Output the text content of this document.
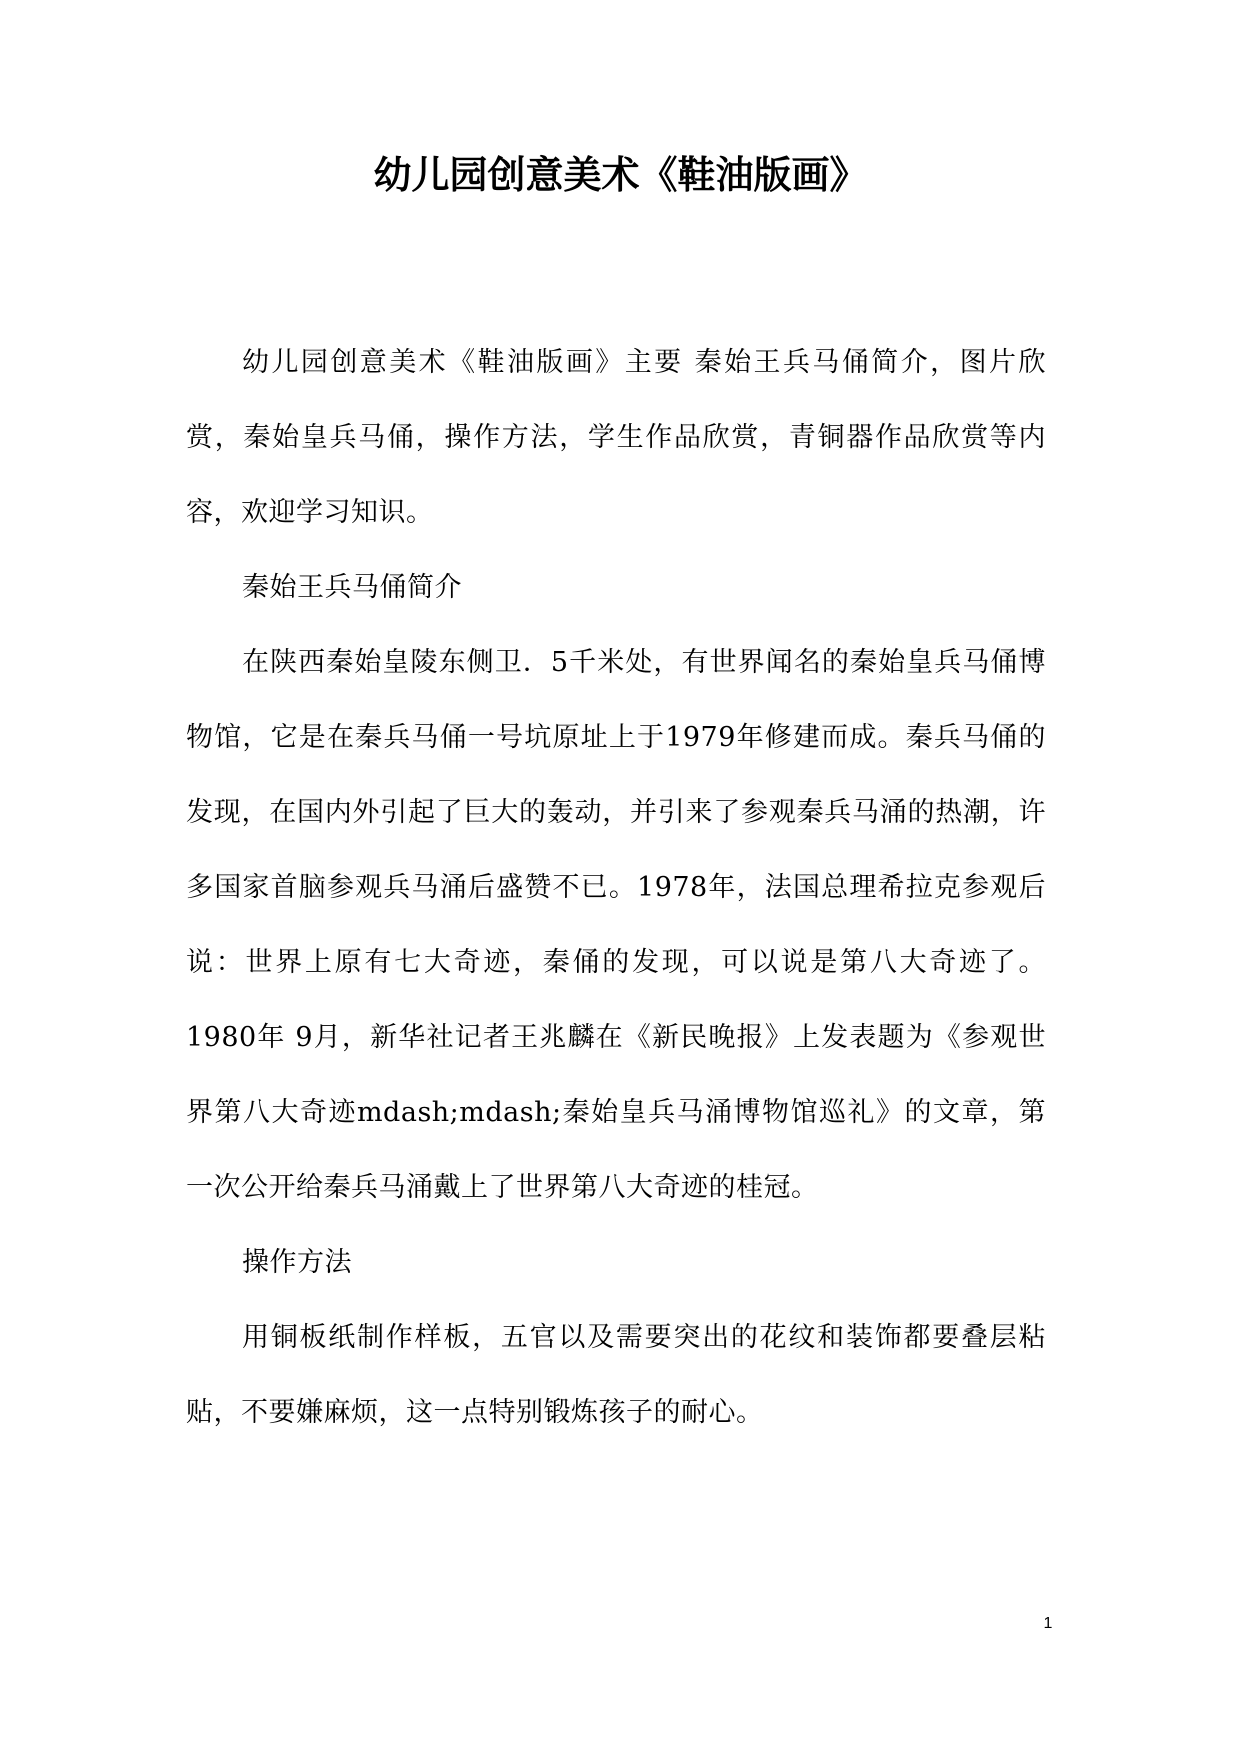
幼儿园创意美术《鞋油版画》

幼儿园创意美术《鞋油版画》主要 秦始王兵马俑简介，图片欣赏，秦始皇兵马俑，操作方法，学生作品欣赏，青铜器作品欣赏等内容，欢迎学习知识。

秦始王兵马俑简介

在陕西秦始皇陵东侧卫．5千米处，有世界闻名的秦始皇兵马俑博物馆，它是在秦兵马俑一号坑原址上于1979年修建而成。秦兵马俑的发现，在国内外引起了巨大的轰动，并引来了参观秦兵马涌的热潮，许多国家首脑参观兵马涌后盛赞不已。1978年，法国总理希拉克参观后说：世界上原有七大奇迹，秦俑的发现，可以说是第八大奇迹了。 1980年 9月，新华社记者王兆麟在《新民晚报》上发表题为《参观世界第八大奇迹mdash;mdash;秦始皇兵马涌博物馆巡礼》的文章，第一次公开给秦兵马涌戴上了世界第八大奇迹的桂冠。

操作方法

用铜板纸制作样板，五官以及需要突出的花纹和装饰都要叠层粘贴，不要嫌麻烦，这一点特别锻炼孩子的耐心。

1
